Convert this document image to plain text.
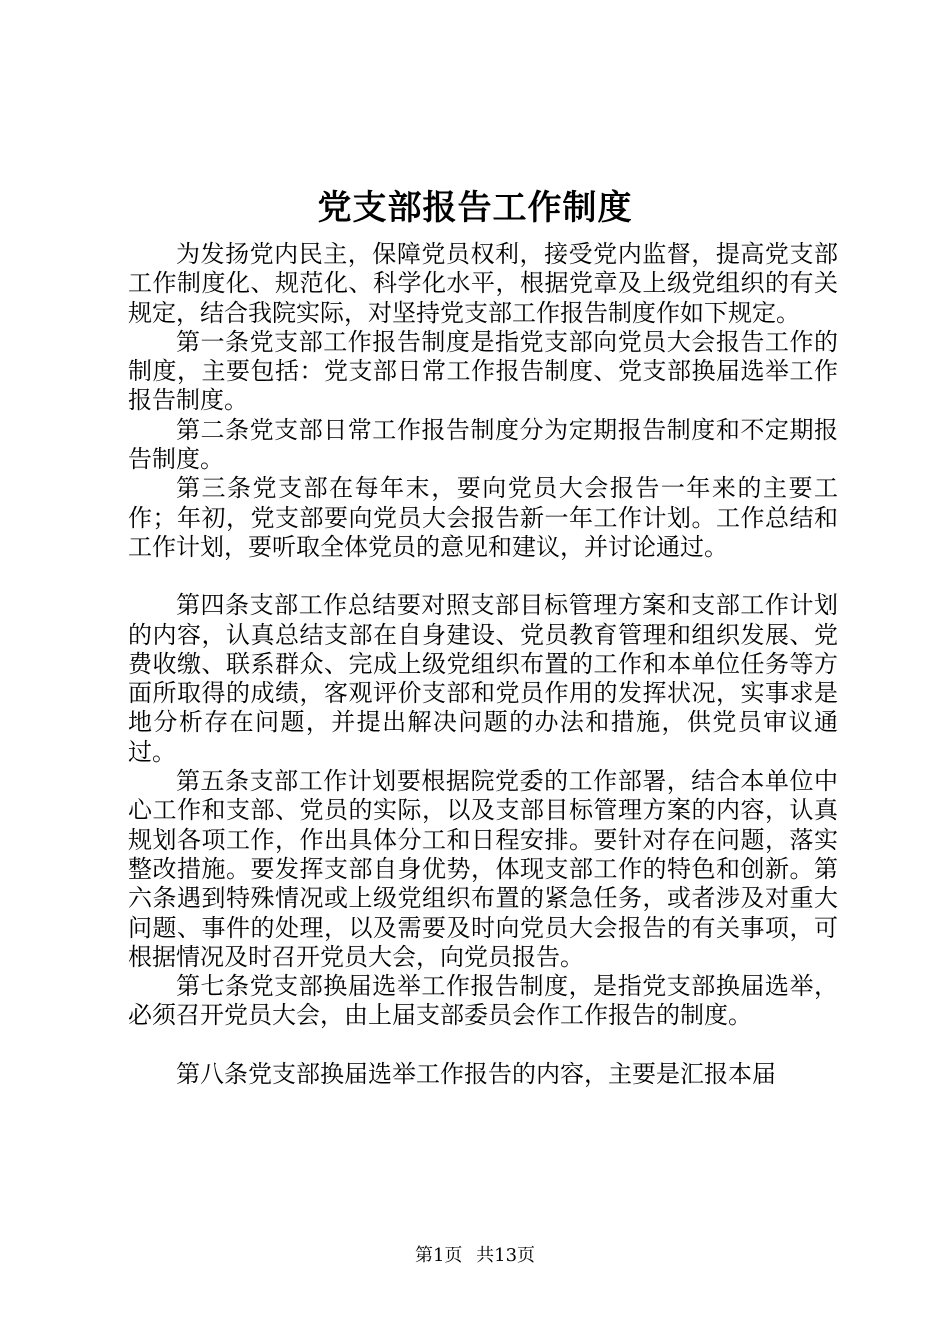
党支部报告工作制度

为发扬党内民主，保障党员权利，接受党内监督，提高党支部工作制度化、规范化、科学化水平，根据党章及上级党组织的有关规定，结合我院实际，对坚持党支部工作报告制度作如下规定。

第一条党支部工作报告制度是指党支部向党员大会报告工作的制度，主要包括：党支部日常工作报告制度、党支部换届选举工作报告制度。

第二条党支部日常工作报告制度分为定期报告制度和不定期报告制度。

第三条党支部在每年末，要向党员大会报告一年来的主要工作；年初，党支部要向党员大会报告新一年工作计划。工作总结和工作计划，要听取全体党员的意见和建议，并讨论通过。

第四条支部工作总结要对照支部目标管理方案和支部工作计划的内容，认真总结支部在自身建设、党员教育管理和组织发展、党费收缴、联系群众、完成上级党组织布置的工作和本单位任务等方面所取得的成绩，客观评价支部和党员作用的发挥状况，实事求是地分析存在问题，并提出解决问题的办法和措施，供党员审议通过。

第五条支部工作计划要根据院党委的工作部署，结合本单位中心工作和支部、党员的实际，以及支部目标管理方案的内容，认真规划各项工作，作出具体分工和日程安排。要针对存在问题，落实整改措施。要发挥支部自身优势，体现支部工作的特色和创新。第六条遇到特殊情况或上级党组织布置的紧急任务，或者涉及对重大问题、事件的处理，以及需要及时向党员大会报告的有关事项，可根据情况及时召开党员大会，向党员报告。

第七条党支部换届选举工作报告制度，是指党支部换届选举，必须召开党员大会，由上届支部委员会作工作报告的制度。

第八条党支部换届选举工作报告的内容，主要是汇报本届

第1页 共13页
